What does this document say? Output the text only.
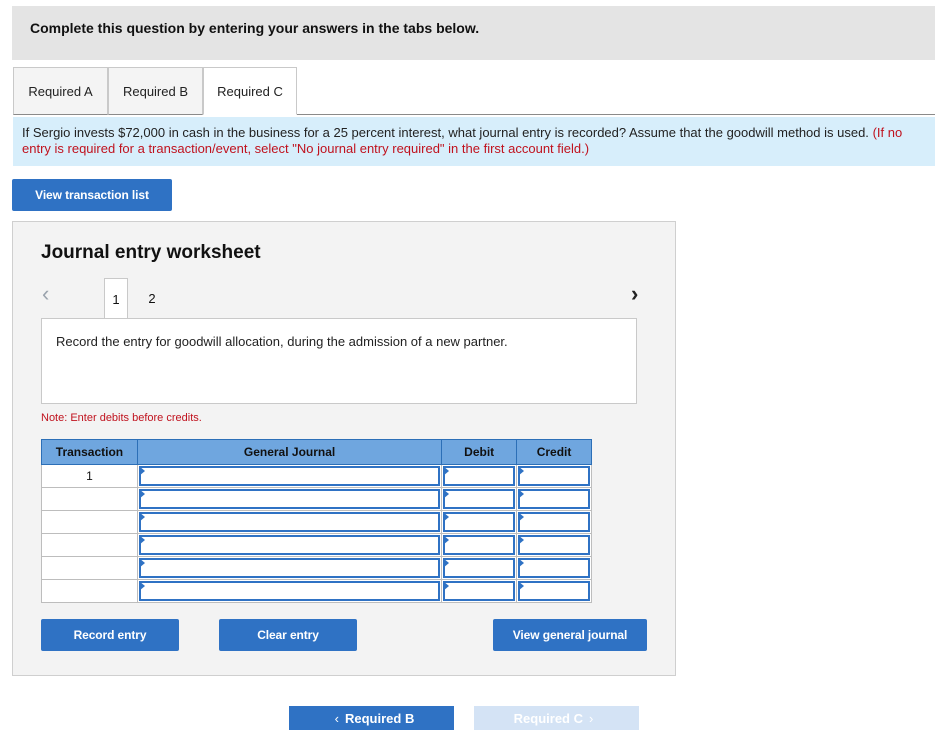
Complete this question by entering your answers in the tabs below.
Required A	Required B	Required C
If Sergio invests $72,000 in cash in the business for a 25 percent interest, what journal entry is recorded? Assume that the goodwill method is used. (If no entry is required for a transaction/event, select "No journal entry required" in the first account field.)
View transaction list
Journal entry worksheet
‹	1	2	›
Record the entry for goodwill allocation, during the admission of a new partner.
Note: Enter debits before credits.
Transaction	General Journal	Debit	Credit
1	

Record entry	Clear entry	View general journal
‹ Required B	Required C ›
